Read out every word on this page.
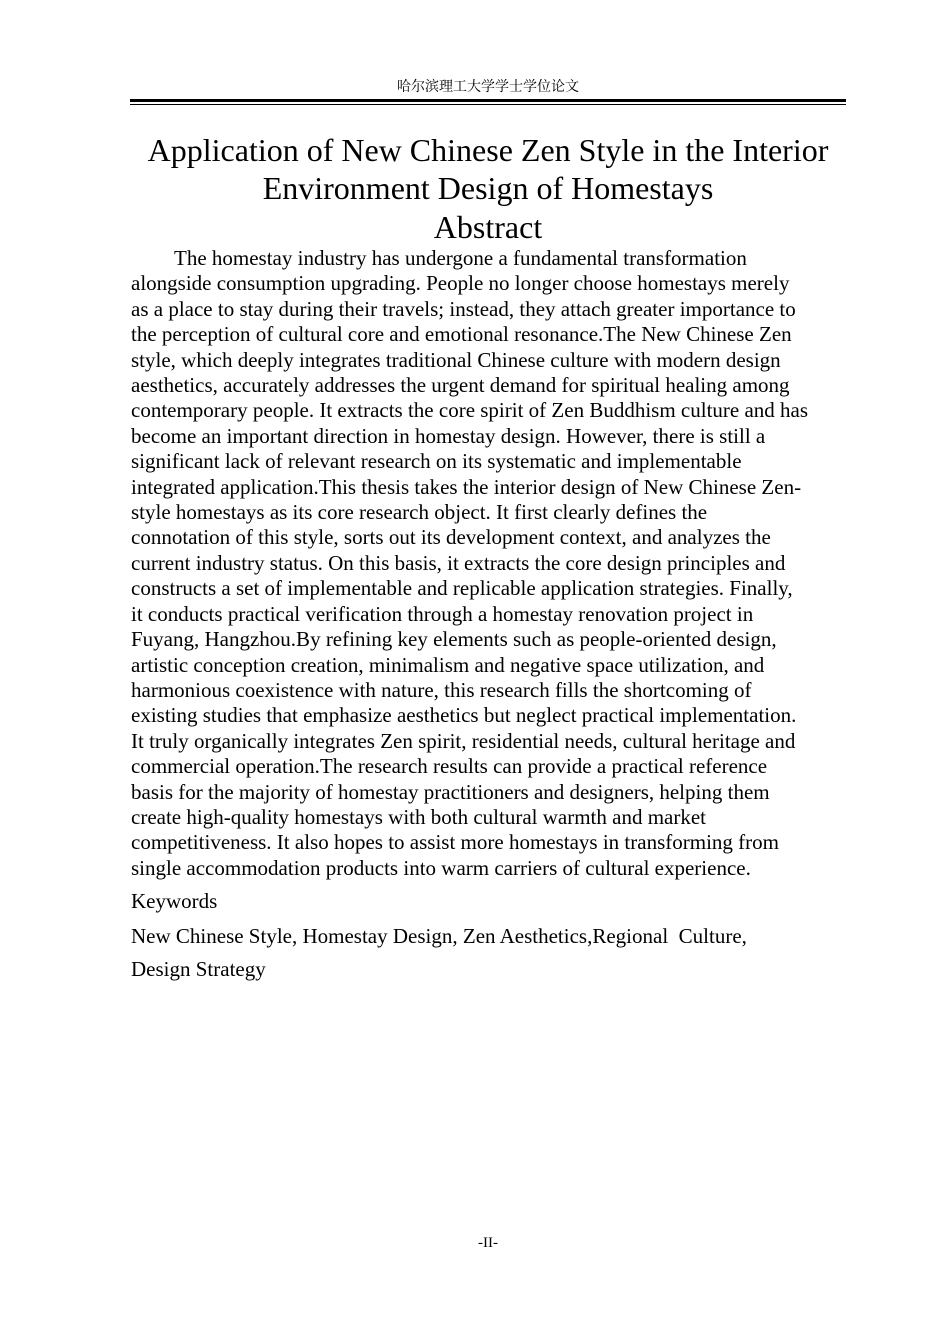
哈尔滨理工大学学士学位论文
Application of New Chinese Zen Style in the Interior
Environment Design of Homestays
Abstract
The homestay industry has undergone a fundamental transformation
alongside consumption upgrading. People no longer choose homestays merely
as a place to stay during their travels; instead, they attach greater importance to
the perception of cultural core and emotional resonance.The New Chinese Zen
style, which deeply integrates traditional Chinese culture with modern design
aesthetics, accurately addresses the urgent demand for spiritual healing among
contemporary people. It extracts the core spirit of Zen Buddhism culture and has
become an important direction in homestay design. However, there is still a
significant lack of relevant research on its systematic and implementable
integrated application.This thesis takes the interior design of New Chinese Zen-
style homestays as its core research object. It first clearly defines the
connotation of this style, sorts out its development context, and analyzes the
current industry status. On this basis, it extracts the core design principles and
constructs a set of implementable and replicable application strategies. Finally,
it conducts practical verification through a homestay renovation project in
Fuyang, Hangzhou.By refining key elements such as people-oriented design,
artistic conception creation, minimalism and negative space utilization, and
harmonious coexistence with nature, this research fills the shortcoming of
existing studies that emphasize aesthetics but neglect practical implementation.
It truly organically integrates Zen spirit, residential needs, cultural heritage and
commercial operation.The research results can provide a practical reference
basis for the majority of homestay practitioners and designers, helping them
create high-quality homestays with both cultural warmth and market
competitiveness. It also hopes to assist more homestays in transforming from
single accommodation products into warm carriers of cultural experience.
Keywords
New Chinese Style, Homestay Design, Zen Aesthetics,Regional  Culture,
Design Strategy
-II-
